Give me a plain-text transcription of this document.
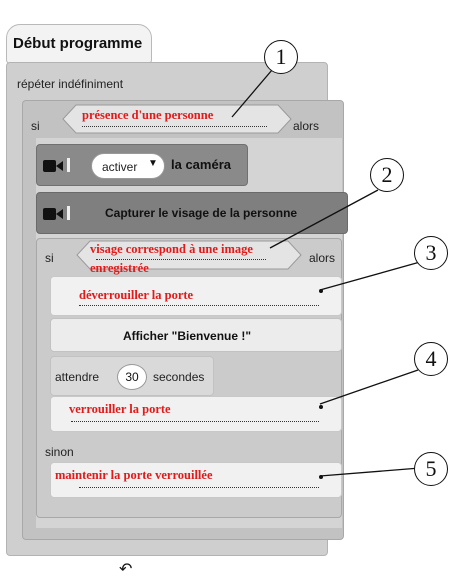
Début programme
répéter indéfiniment
↶
si	alors
présence d'une personne
activer ▼ la caméra
Capturer le visage de la personne
si	alors
sinon
visage correspond à une image
enregistrée
déverrouiller la porte
Afficher "Bienvenue !"
attendre	30	secondes
verrouiller la porte
maintenir la porte verrouillée
1
2
3
4
5
